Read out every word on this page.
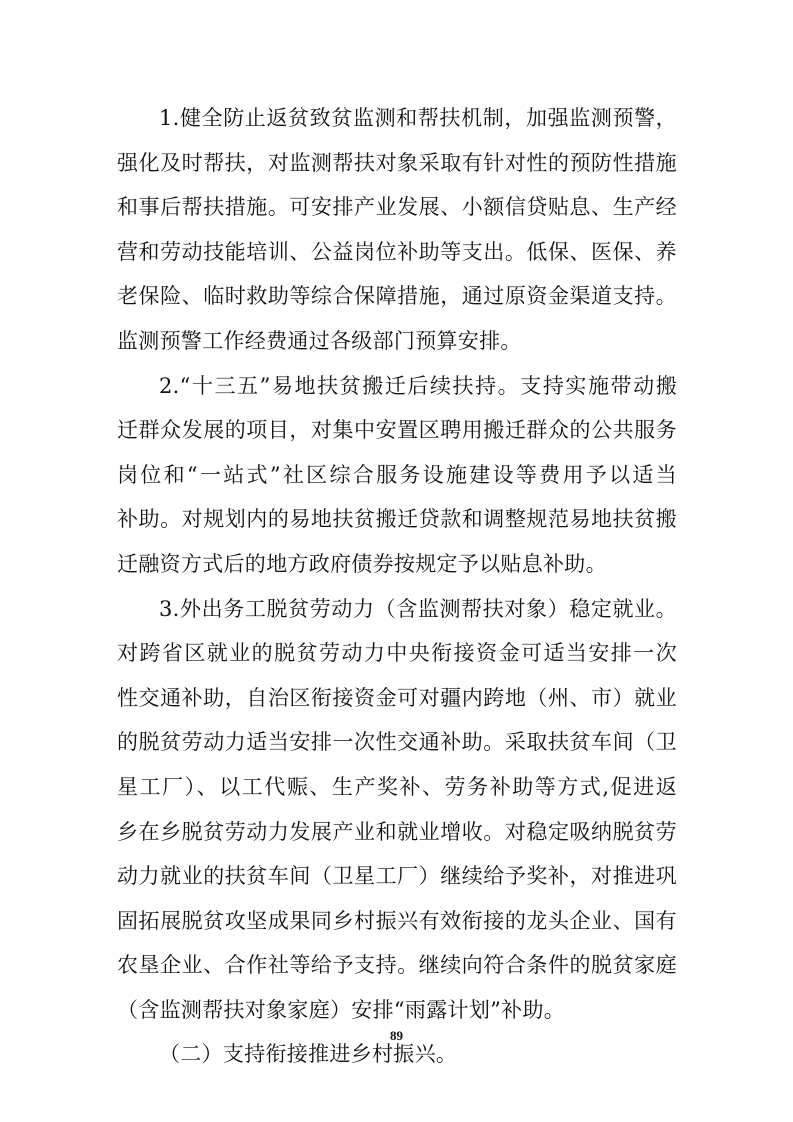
1.健全防止返贫致贫监测和帮扶机制，加强监测预警，
强化及时帮扶，对监测帮扶对象采取有针对性的预防性措施
和事后帮扶措施。可安排产业发展、小额信贷贴息、生产经
营和劳动技能培训、公益岗位补助等支出。低保、医保、养
老保险、临时救助等综合保障措施，通过原资金渠道支持。
监测预警工作经费通过各级部门预算安排。
2.“十三五”易地扶贫搬迁后续扶持。支持实施带动搬
迁群众发展的项目，对集中安置区聘用搬迁群众的公共服务
岗位和“一站式”社区综合服务设施建设等费用予以适当
补助。对规划内的易地扶贫搬迁贷款和调整规范易地扶贫搬
迁融资方式后的地方政府债券按规定予以贴息补助。
3.外出务工脱贫劳动力（含监测帮扶对象）稳定就业。
对跨省区就业的脱贫劳动力中央衔接资金可适当安排一次
性交通补助，自治区衔接资金可对疆内跨地（州、市）就业
的脱贫劳动力适当安排一次性交通补助。采取扶贫车间（卫
星工厂）、以工代赈、生产奖补、劳务补助等方式,促进返
乡在乡脱贫劳动力发展产业和就业增收。对稳定吸纳脱贫劳
动力就业的扶贫车间（卫星工厂）继续给予奖补，对推进巩
固拓展脱贫攻坚成果同乡村振兴有效衔接的龙头企业、国有
农垦企业、合作社等给予支持。继续向符合条件的脱贫家庭
（含监测帮扶对象家庭）安排“雨露计划”补助。
（二）支持衔接推进乡村振兴。
89
